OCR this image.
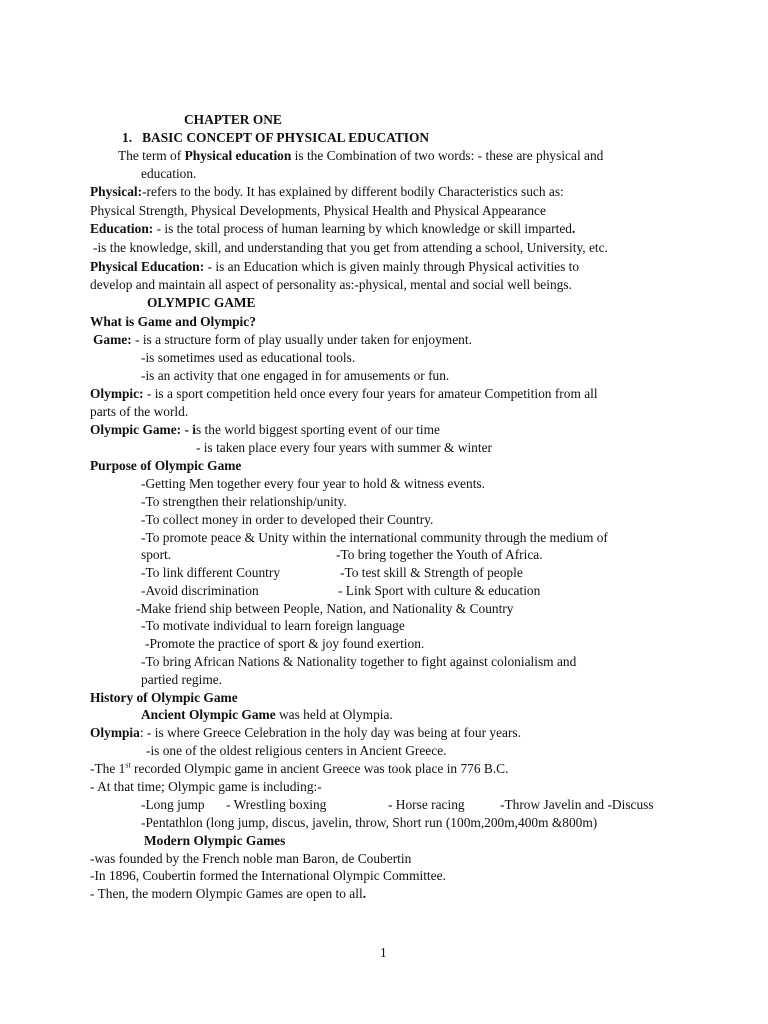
CHAPTER ONE
1. BASIC CONCEPT OF PHYSICAL EDUCATION
The term of Physical education is the Combination of two words: - these are physical and
education.
Physical:-refers to the body. It has explained by different bodily Characteristics such as:
Physical Strength, Physical Developments, Physical Health and Physical Appearance
Education: - is the total process of human learning by which knowledge or skill imparted.
-is the knowledge, skill, and understanding that you get from attending a school, University, etc.
Physical Education: - is an Education which is given mainly through Physical activities to
develop and maintain all aspect of personality as:-physical, mental and social well beings.
OLYMPIC GAME
What is Game and Olympic?
Game: - is a structure form of play usually under taken for enjoyment.
-is sometimes used as educational tools.
-is an activity that one engaged in for amusements or fun.
Olympic: - is a sport competition held once every four years for amateur Competition from all
parts of the world.
Olympic Game: - is the world biggest sporting event of our time
- is taken place every four years with summer & winter
Purpose of Olympic Game
-Getting Men together every four year to hold & witness events.
-To strengthen their relationship/unity.
-To collect money in order to developed their Country.
-To promote peace & Unity within the international community through the medium of
sport.	-To bring together the Youth of Africa.
-To link different Country	-To test skill & Strength of people
-Avoid discrimination	- Link Sport with culture & education
-Make friend ship between People, Nation, and Nationality & Country
-To motivate individual to learn foreign language
-Promote the practice of sport & joy found exertion.
-To bring African Nations & Nationality together to fight against colonialism and
partied regime.
History of Olympic Game
Ancient Olympic Game was held at Olympia.
Olympia: - is where Greece Celebration in the holy day was being at four years.
-is one of the oldest religious centers in Ancient Greece.
-The 1st recorded Olympic game in ancient Greece was took place in 776 B.C.
- At that time; Olympic game is including:-
-Long jump - Wrestling boxing	- Horse racing	-Throw Javelin and -Discuss
-Pentathlon (long jump, discus, javelin, throw, Short run (100m,200m,400m &800m)
Modern Olympic Games
-was founded by the French noble man Baron, de Coubertin
-In 1896, Coubertin formed the International Olympic Committee.
- Then, the modern Olympic Games are open to all.
1
